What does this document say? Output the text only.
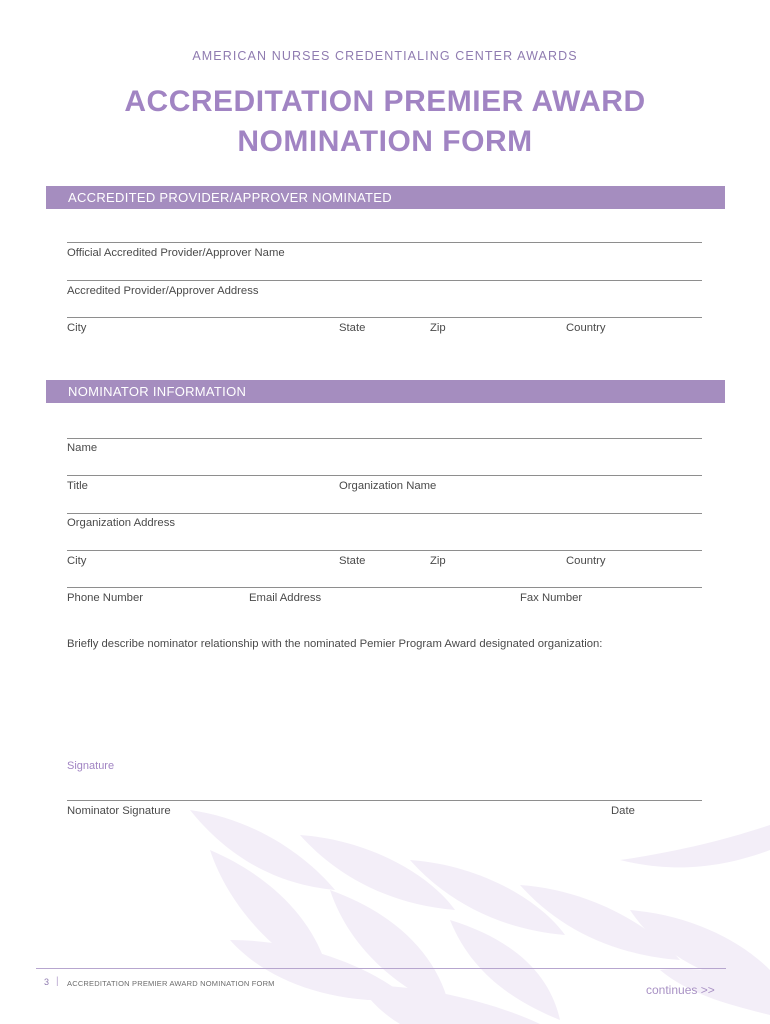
AMERICAN NURSES CREDENTIALING CENTER AWARDS
ACCREDITATION PREMIER AWARD
NOMINATION FORM
ACCREDITED PROVIDER/APPROVER NOMINATED
Official Accredited Provider/Approver Name
Accredited Provider/Approver Address
City	State	Zip	Country
NOMINATOR INFORMATION
Name
Title	Organization Name
Organization Address
City	State	Zip	Country
Phone Number	Email Address	Fax Number
Briefly describe nominator relationship with the nominated Pemier Program Award designated organization:
Signature
Nominator Signature	Date
3 | ACCREDITATION PREMIER AWARD NOMINATION FORM	continues >>
